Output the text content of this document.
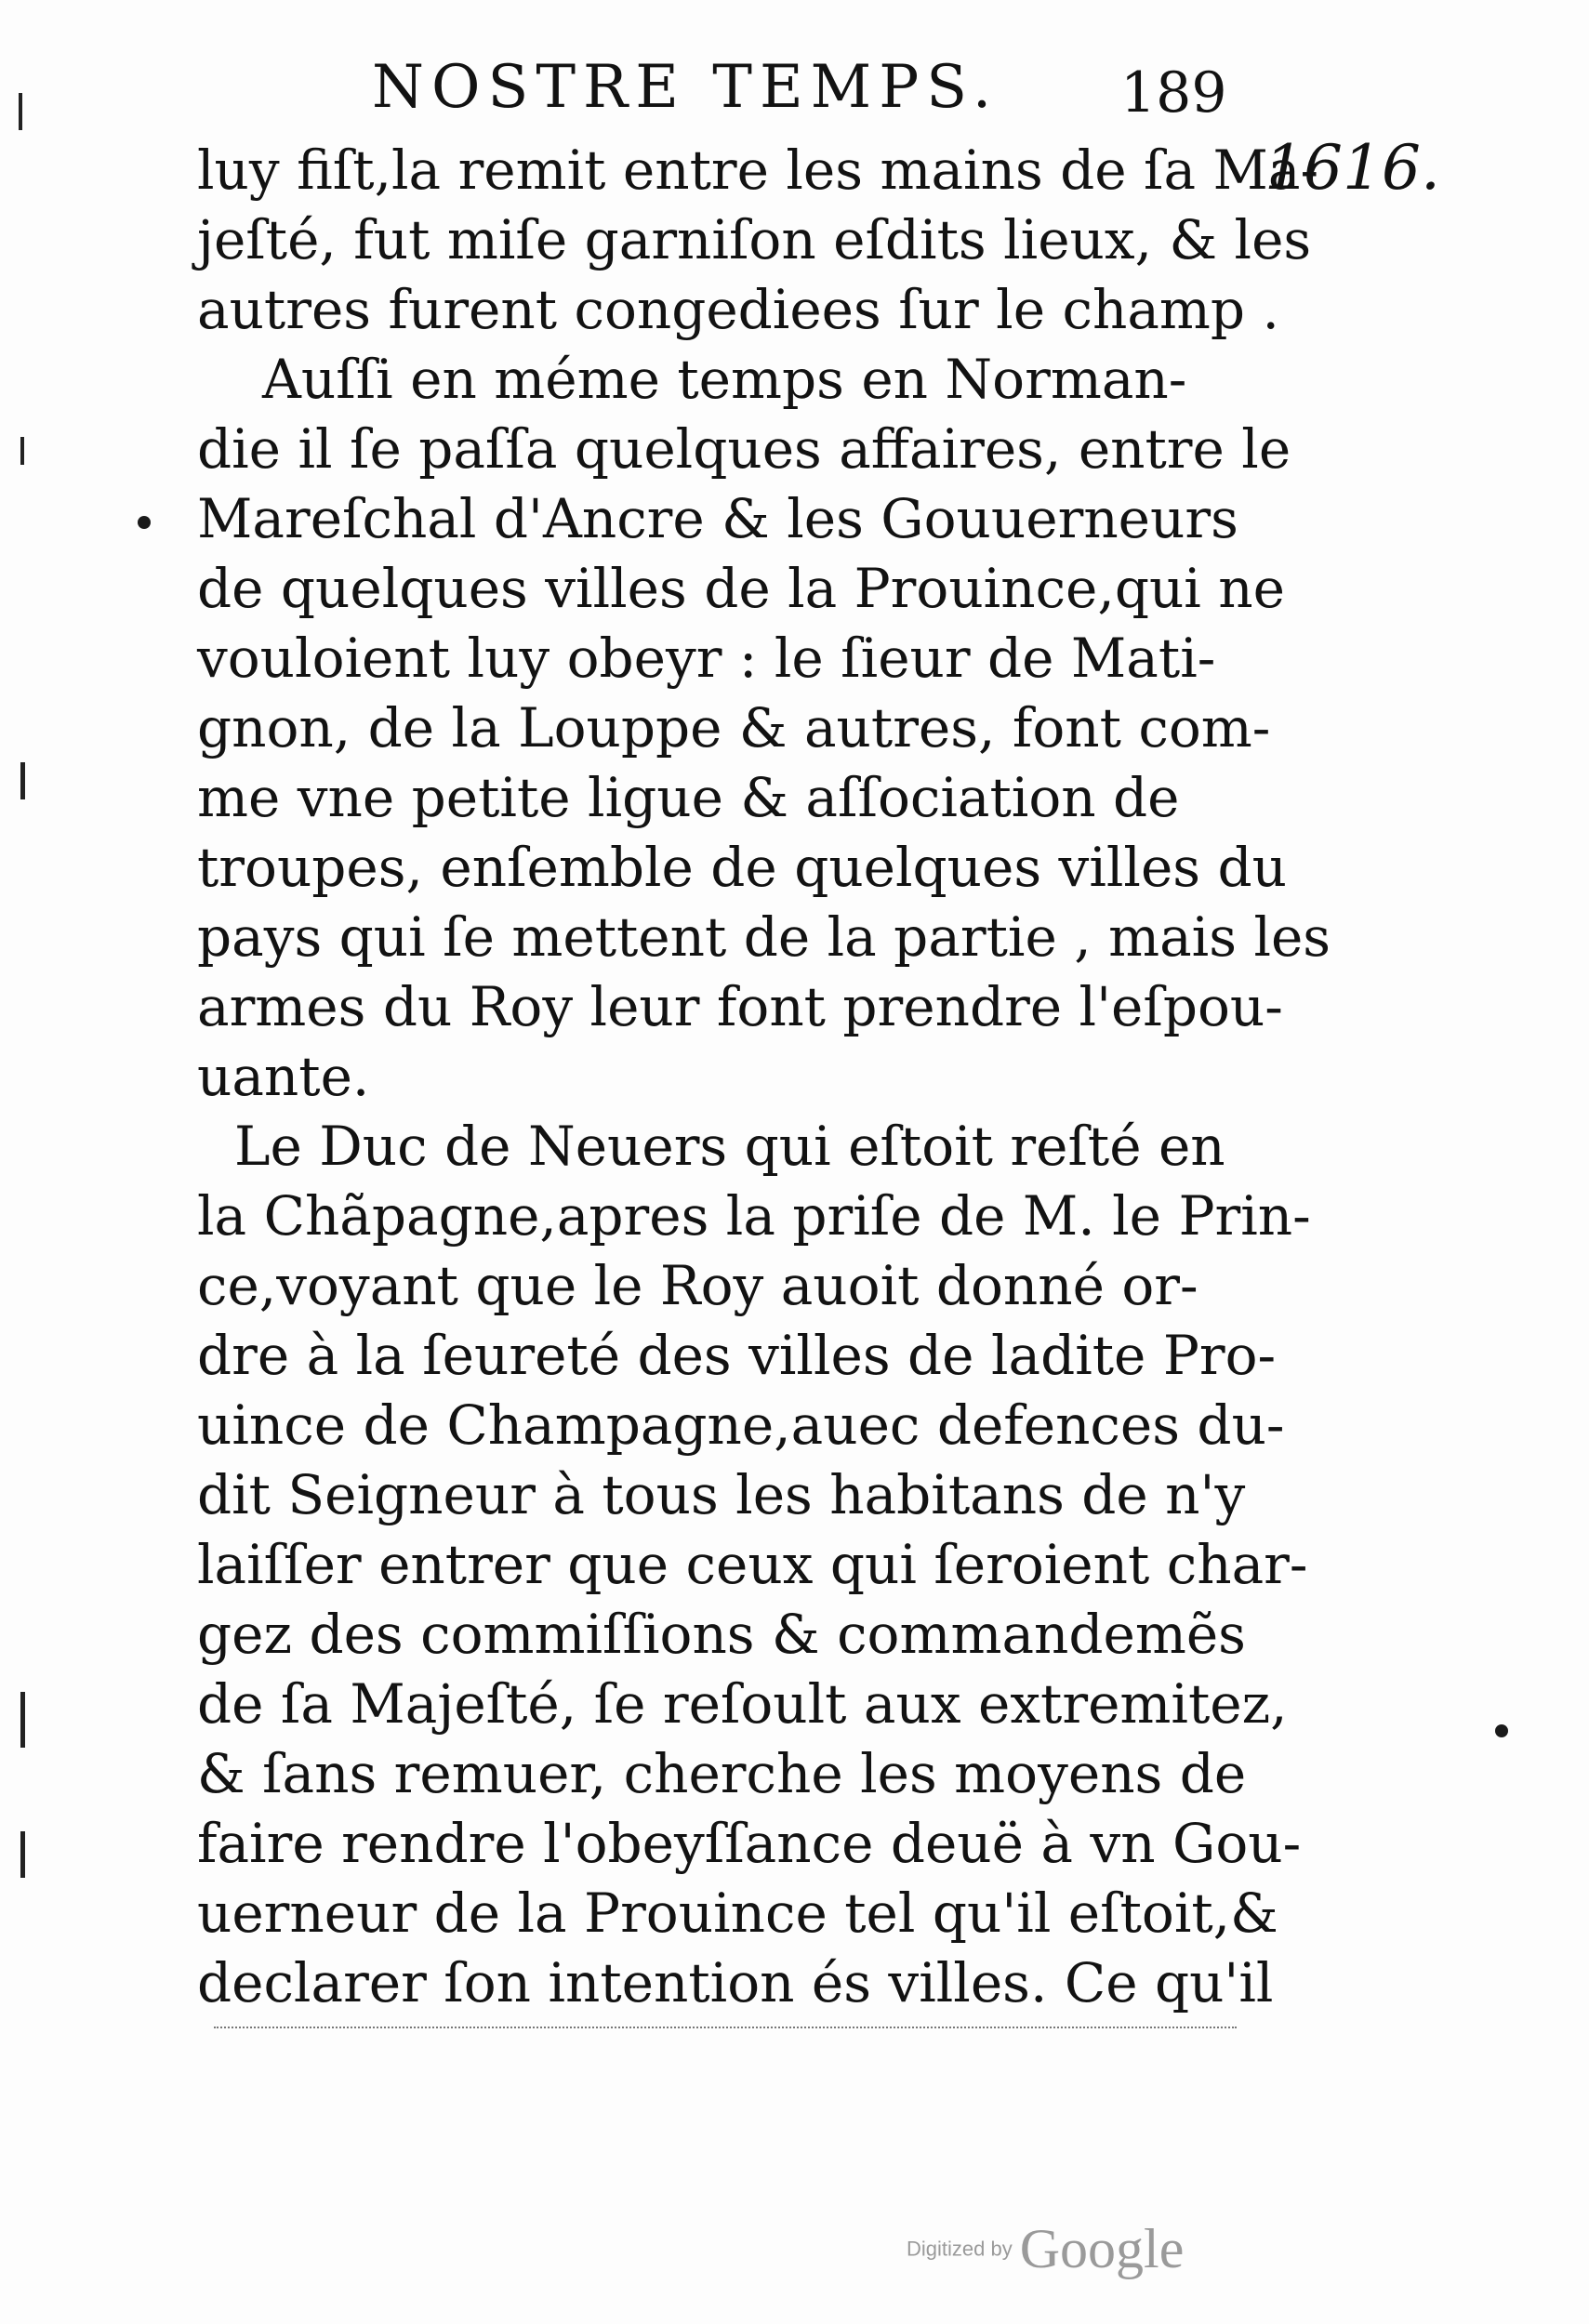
NOSTRE TEMPS. 189
1616.
luy fiſt,la remit entre les mains de ſa Ma-
jeſté, fut miſe garniſon eſdits lieux, & les
autres furent congediees ſur le champ .
Auſſi en méme temps en Norman-
die il ſe paſſa quelques affaires, entre le
Mareſchal d'Ancre & les Gouuerneurs
de quelques villes de la Prouince,qui ne
vouloient luy obeyr : le ſieur de Mati-
gnon, de la Louppe & autres, font com-
me vne petite ligue & aſſociation de
troupes, enſemble de quelques villes du
pays qui ſe mettent de la partie , mais les
armes du Roy leur font prendre l'eſpou-
uante.
Le Duc de Neuers qui eſtoit reſté en
la Chãpagne,apres la priſe de M. le Prin-
ce,voyant que le Roy auoit donné or-
dre à la ſeureté des villes de ladite Pro-
uince de Champagne,auec defences du-
dit Seigneur à tous les habitans de n'y
laiſſer entrer que ceux qui ſeroient char-
gez des commiſſions & commandemẽs
de ſa Majeſté, ſe reſoult aux extremitez,
& ſans remuer, cherche les moyens de
faire rendre l'obeyſſance deuë à vn Gou-
uerneur de la Prouince tel qu'il eſtoit,&
declarer ſon intention és villes. Ce qu'il
Digitized by Google
